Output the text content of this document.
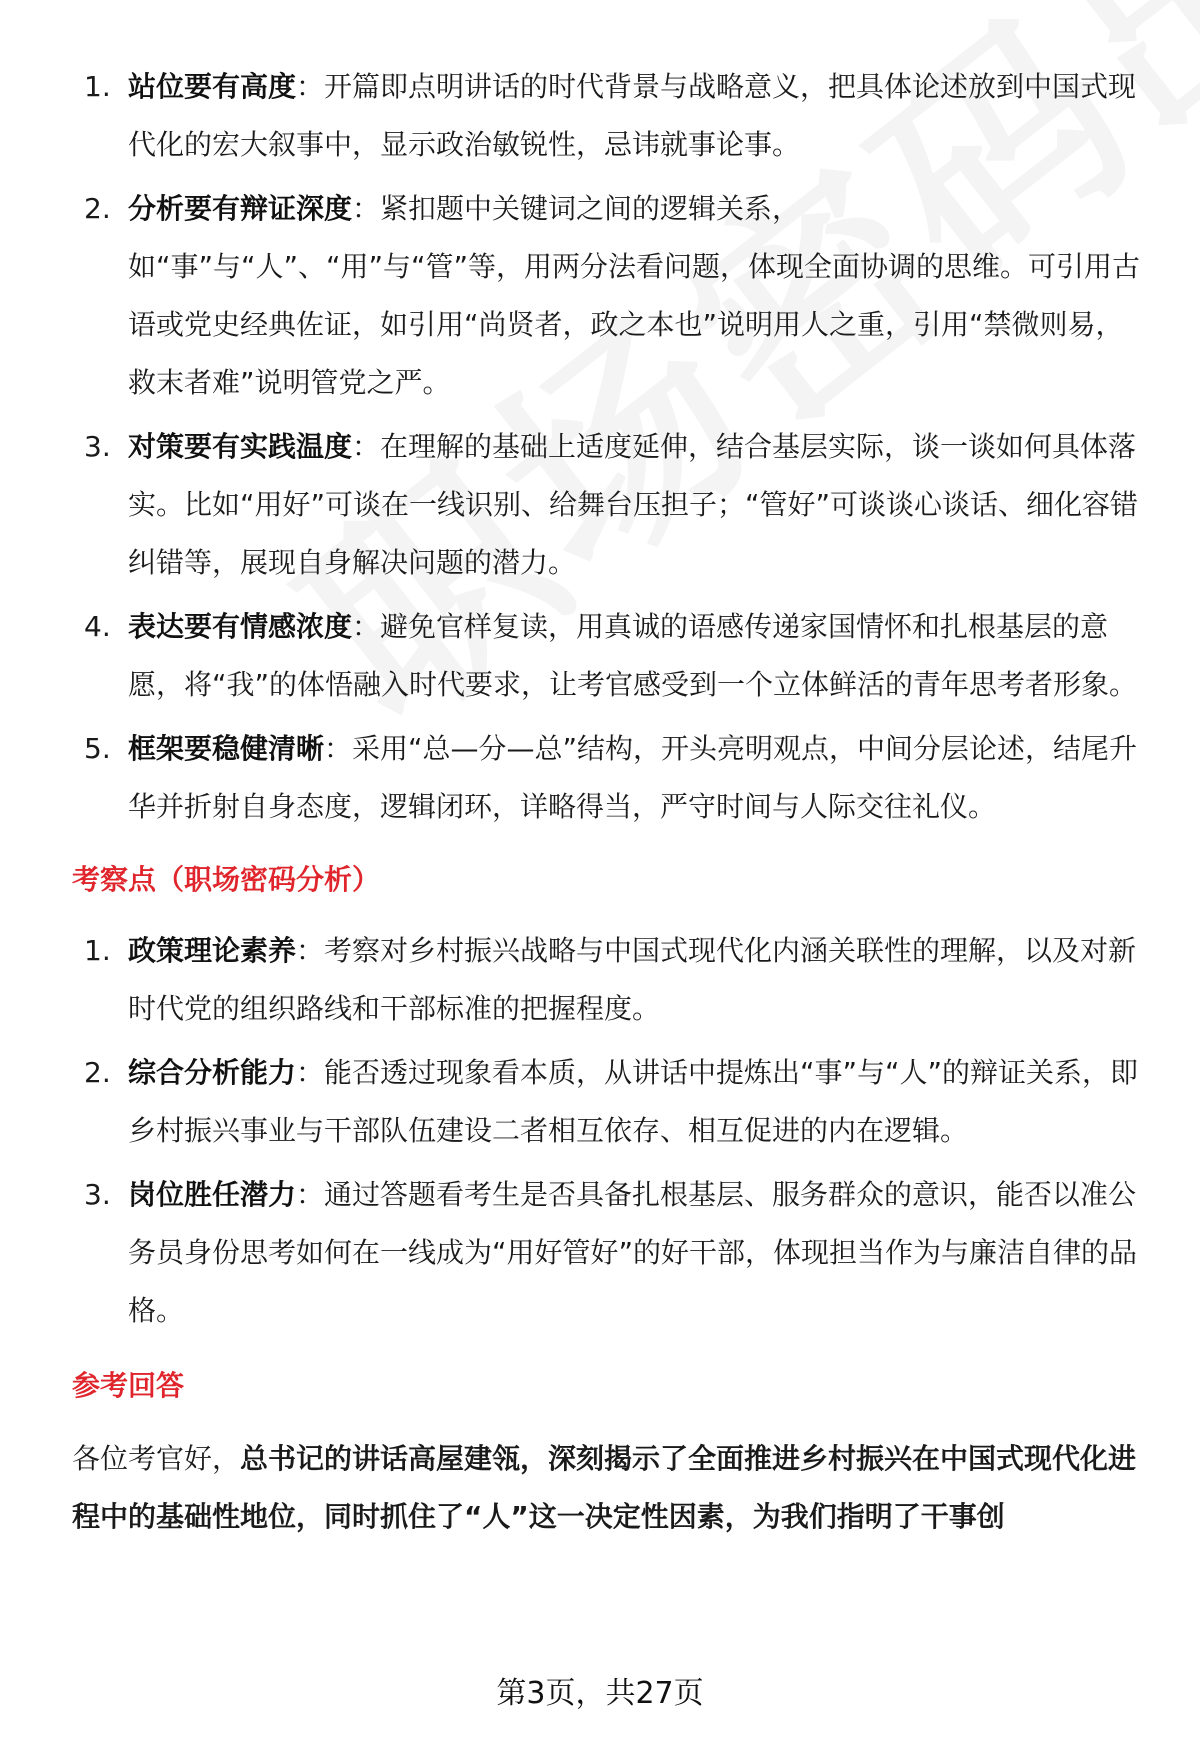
1. 站位要有高度：开篇即点明讲话的时代背景与战略意义，把具体论述放到中国式现代化的宏大叙事中，显示政治敏锐性，忌讳就事论事。
2. 分析要有辩证深度：紧扣题中关键词之间的逻辑关系，如“事”与“人”、“用”与“管”等，用两分法看问题，体现全面协调的思维。可引用古语或党史经典佐证，如引用“尚贤者，政之本也”说明用人之重，引用“禁微则易，救末者难”说明管党之严。
3. 对策要有实践温度：在理解的基础上适度延伸，结合基层实际，谈一谈如何具体落实。比如“用好”可谈在一线识别、给舞台压担子；“管好”可谈谈心谈话、细化容错纠错等，展现自身解决问题的潜力。
4. 表达要有情感浓度：避免官样复读，用真诚的语感传递家国情怀和扎根基层的意愿，将“我”的体悟融入时代要求，让考官感受到一个立体鲜活的青年思考者形象。
5. 框架要稳健清晰：采用“总—分—总”结构，开头亮明观点，中间分层论述，结尾升华并折射自身态度，逻辑闭环，详略得当，严守时间与人际交往礼仪。
考察点（职场密码分析）
1. 政策理论素养：考察对乡村振兴战略与中国式现代化内涵关联性的理解，以及对新时代党的组织路线和干部标准的把握程度。
2. 综合分析能力：能否透过现象看本质，从讲话中提炼出“事”与“人”的辩证关系，即乡村振兴事业与干部队伍建设二者相互依存、相互促进的内在逻辑。
3. 岗位胜任潜力：通过答题看考生是否具备扎根基层、服务群众的意识，能否以准公务员身份思考如何在一线成为“用好管好”的好干部，体现担当作为与廉洁自律的品格。
参考回答

各位考官好，总书记的讲话高屋建瓴，深刻揭示了全面推进乡村振兴在中国式现代化进程中的基础性地位，同时抓住了“人”这一决定性因素，为我们指明了干事创

第3页，共27页
